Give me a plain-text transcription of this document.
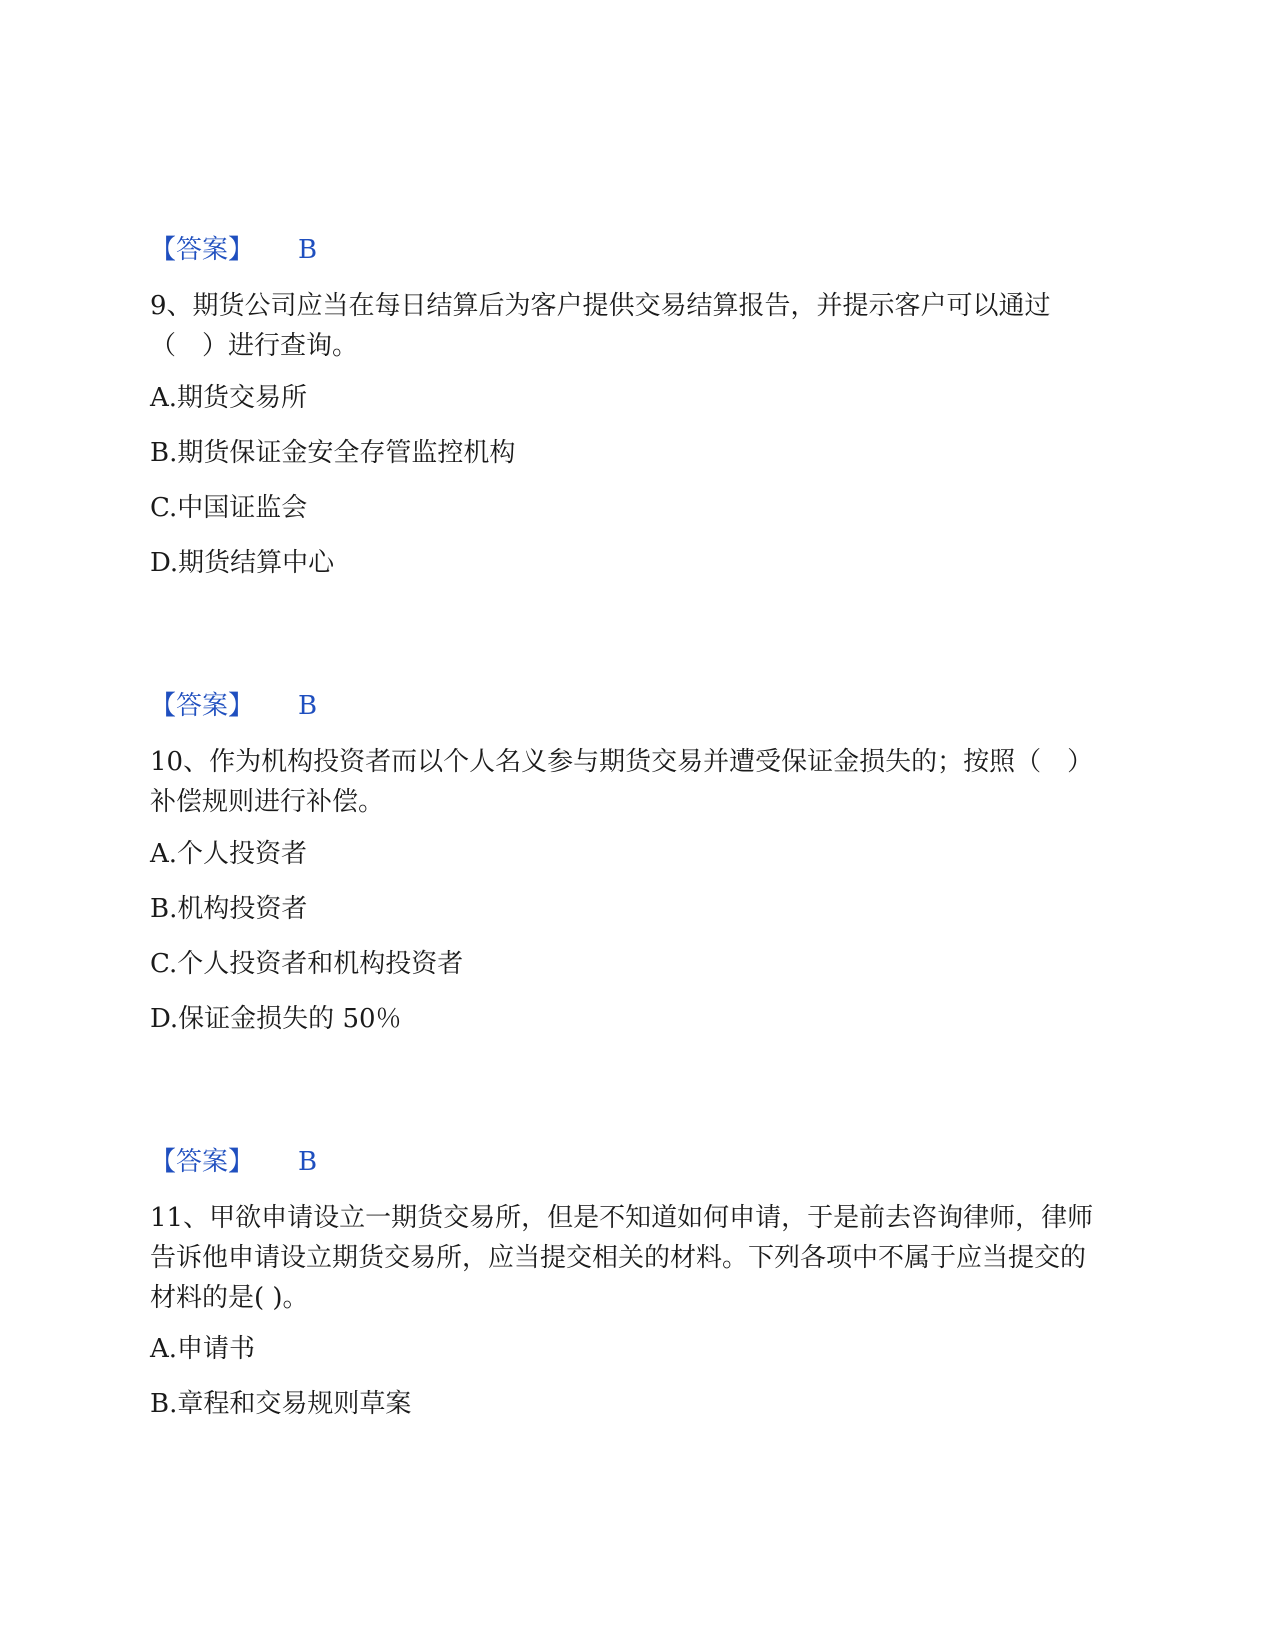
【答案】 B
9、期货公司应当在每日结算后为客户提供交易结算报告，并提示客户可以通过（　）进行查询。
A.期货交易所
B.期货保证金安全存管监控机构
C.中国证监会
D.期货结算中心
【答案】 B
10、作为机构投资者而以个人名义参与期货交易并遭受保证金损失的；按照（　）补偿规则进行补偿。
A.个人投资者
B.机构投资者
C.个人投资者和机构投资者
D.保证金损失的 50％
【答案】 B
11、甲欲申请设立一期货交易所，但是不知道如何申请，于是前去咨询律师，律师告诉他申请设立期货交易所，应当提交相关的材料。下列各项中不属于应当提交的材料的是( )。
A.申请书
B.章程和交易规则草案
